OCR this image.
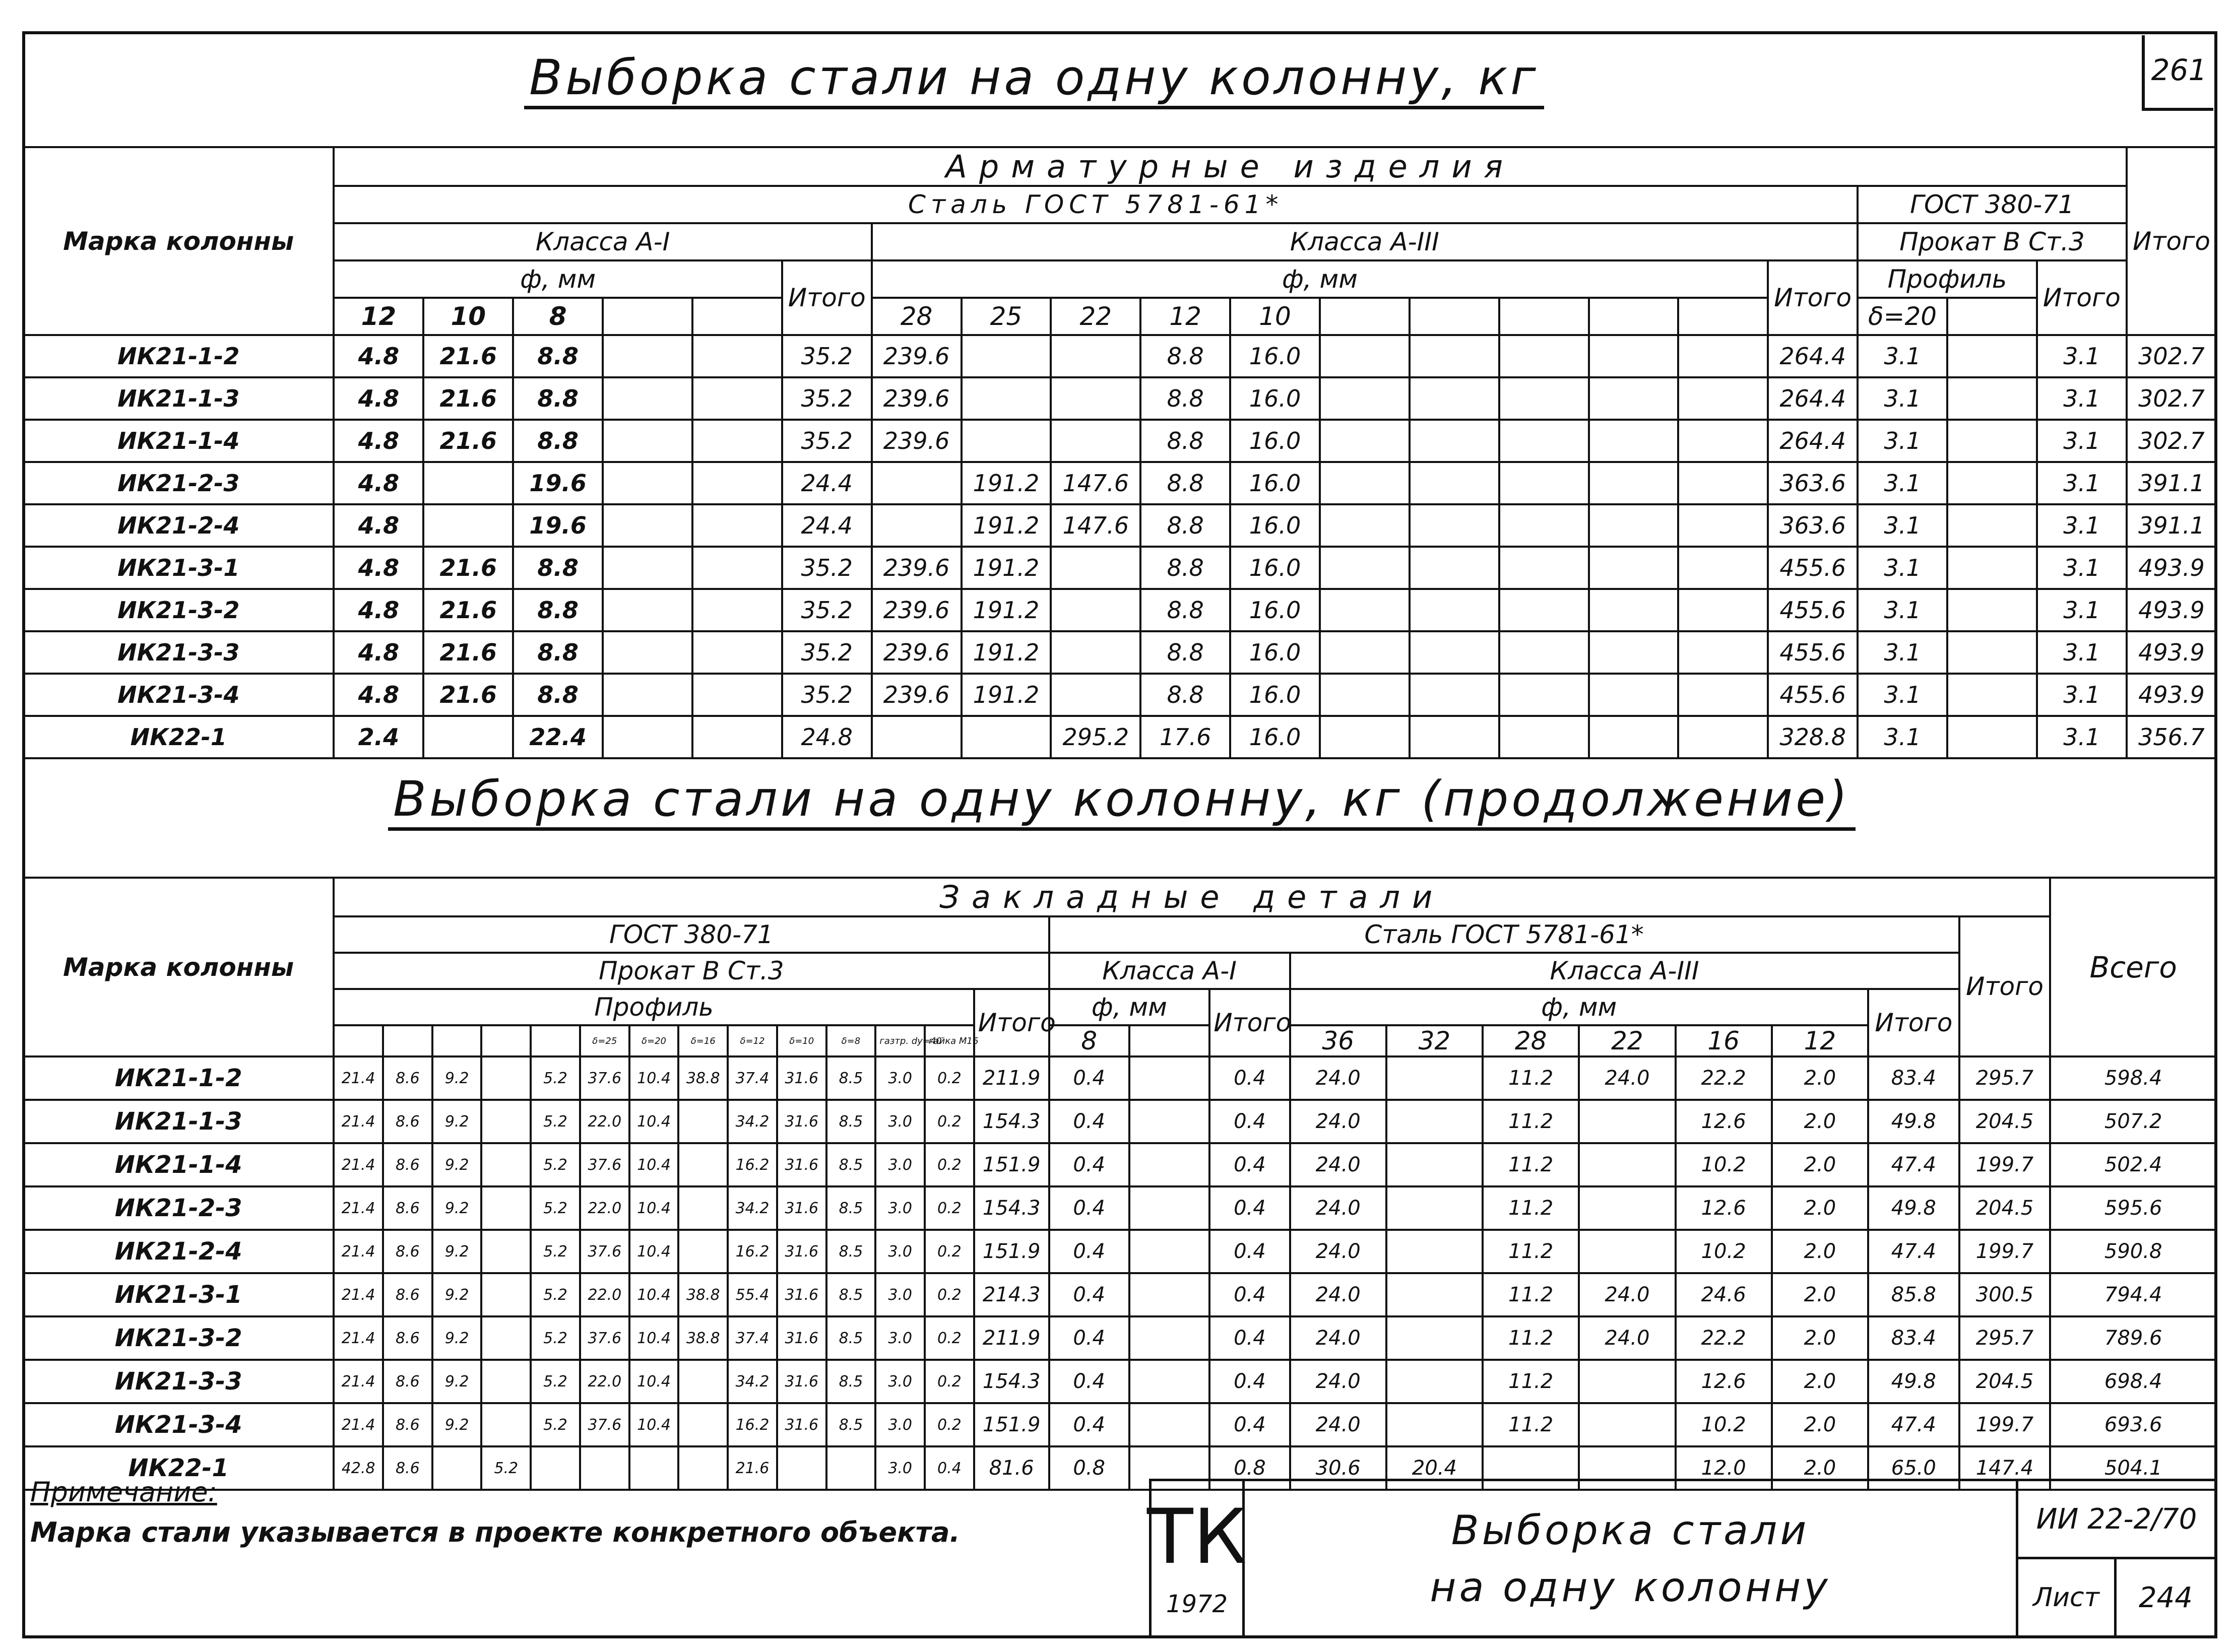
261
Выборка стали на одну колонну, кг
Марка колонны	Арматурные изделия																				Итого
	Сталь ГОСТ 5781-61*																	ГОСТ 380-71			
	Класса А-I						Класса А-III											Прокат В Ст.3			
	ф, мм					Итого	ф, мм										Итого	Профиль		Итого	
	12	10	8				28	25	22	12	10							δ=20			
ИК21-1-2	4.8	21.6	8.8			35.2	239.6			8.8	16.0						264.4	3.1		3.1	302.7
ИК21-1-3	4.8	21.6	8.8			35.2	239.6			8.8	16.0						264.4	3.1		3.1	302.7
ИК21-1-4	4.8	21.6	8.8			35.2	239.6			8.8	16.0						264.4	3.1		3.1	302.7
ИК21-2-3	4.8		19.6			24.4		191.2	147.6	8.8	16.0						363.6	3.1		3.1	391.1
ИК21-2-4	4.8		19.6			24.4		191.2	147.6	8.8	16.0						363.6	3.1		3.1	391.1
ИК21-3-1	4.8	21.6	8.8			35.2	239.6	191.2		8.8	16.0						455.6	3.1		3.1	493.9
ИК21-3-2	4.8	21.6	8.8			35.2	239.6	191.2		8.8	16.0						455.6	3.1		3.1	493.9
ИК21-3-3	4.8	21.6	8.8			35.2	239.6	191.2		8.8	16.0						455.6	3.1		3.1	493.9
ИК21-3-4	4.8	21.6	8.8			35.2	239.6	191.2		8.8	16.0						455.6	3.1		3.1	493.9
ИК22-1	2.4		22.4			24.8			295.2	17.6	16.0						328.8	3.1		3.1	356.7
Выборка стали на одну колонну, кг (продолжение)
Марка колонны	Закладные детали																									Всего
	ГОСТ 380-71														Сталь ГОСТ 5781-61*										Итого	
	Прокат В Ст.3														Класса А-I			Класса А-III								
	Профиль													Итого	ф, мм		Итого	ф, мм						Итого		
						δ=25	δ=20	δ=16	δ=12	δ=10	δ=8	газтр. dy=40	гайка М16		8			36	32	28	22	16	12			
ИК21-1-2	21.4	8.6	9.2		5.2	37.6	10.4	38.8	37.4	31.6	8.5	3.0	0.2	211.9	0.4		0.4	24.0		11.2	24.0	22.2	2.0	83.4	295.7	598.4
ИК21-1-3	21.4	8.6	9.2		5.2	22.0	10.4		34.2	31.6	8.5	3.0	0.2	154.3	0.4		0.4	24.0		11.2		12.6	2.0	49.8	204.5	507.2
ИК21-1-4	21.4	8.6	9.2		5.2	37.6	10.4		16.2	31.6	8.5	3.0	0.2	151.9	0.4		0.4	24.0		11.2		10.2	2.0	47.4	199.7	502.4
ИК21-2-3	21.4	8.6	9.2		5.2	22.0	10.4		34.2	31.6	8.5	3.0	0.2	154.3	0.4		0.4	24.0		11.2		12.6	2.0	49.8	204.5	595.6
ИК21-2-4	21.4	8.6	9.2		5.2	37.6	10.4		16.2	31.6	8.5	3.0	0.2	151.9	0.4		0.4	24.0		11.2		10.2	2.0	47.4	199.7	590.8
ИК21-3-1	21.4	8.6	9.2		5.2	22.0	10.4	38.8	55.4	31.6	8.5	3.0	0.2	214.3	0.4		0.4	24.0		11.2	24.0	24.6	2.0	85.8	300.5	794.4
ИК21-3-2	21.4	8.6	9.2		5.2	37.6	10.4	38.8	37.4	31.6	8.5	3.0	0.2	211.9	0.4		0.4	24.0		11.2	24.0	22.2	2.0	83.4	295.7	789.6
ИК21-3-3	21.4	8.6	9.2		5.2	22.0	10.4		34.2	31.6	8.5	3.0	0.2	154.3	0.4		0.4	24.0		11.2		12.6	2.0	49.8	204.5	698.4
ИК21-3-4	21.4	8.6	9.2		5.2	37.6	10.4		16.2	31.6	8.5	3.0	0.2	151.9	0.4		0.4	24.0		11.2		10.2	2.0	47.4	199.7	693.6
ИК22-1	42.8	8.6		5.2					21.6			3.0	0.4	81.6	0.8		0.8	30.6	20.4			12.0	2.0	65.0	147.4	504.1
Примечание:
Марка стали указывается в проекте конкретного объекта. ТК
1972
Выборка стали
на одну колонну
ИИ 22-2/70
Лист 244
